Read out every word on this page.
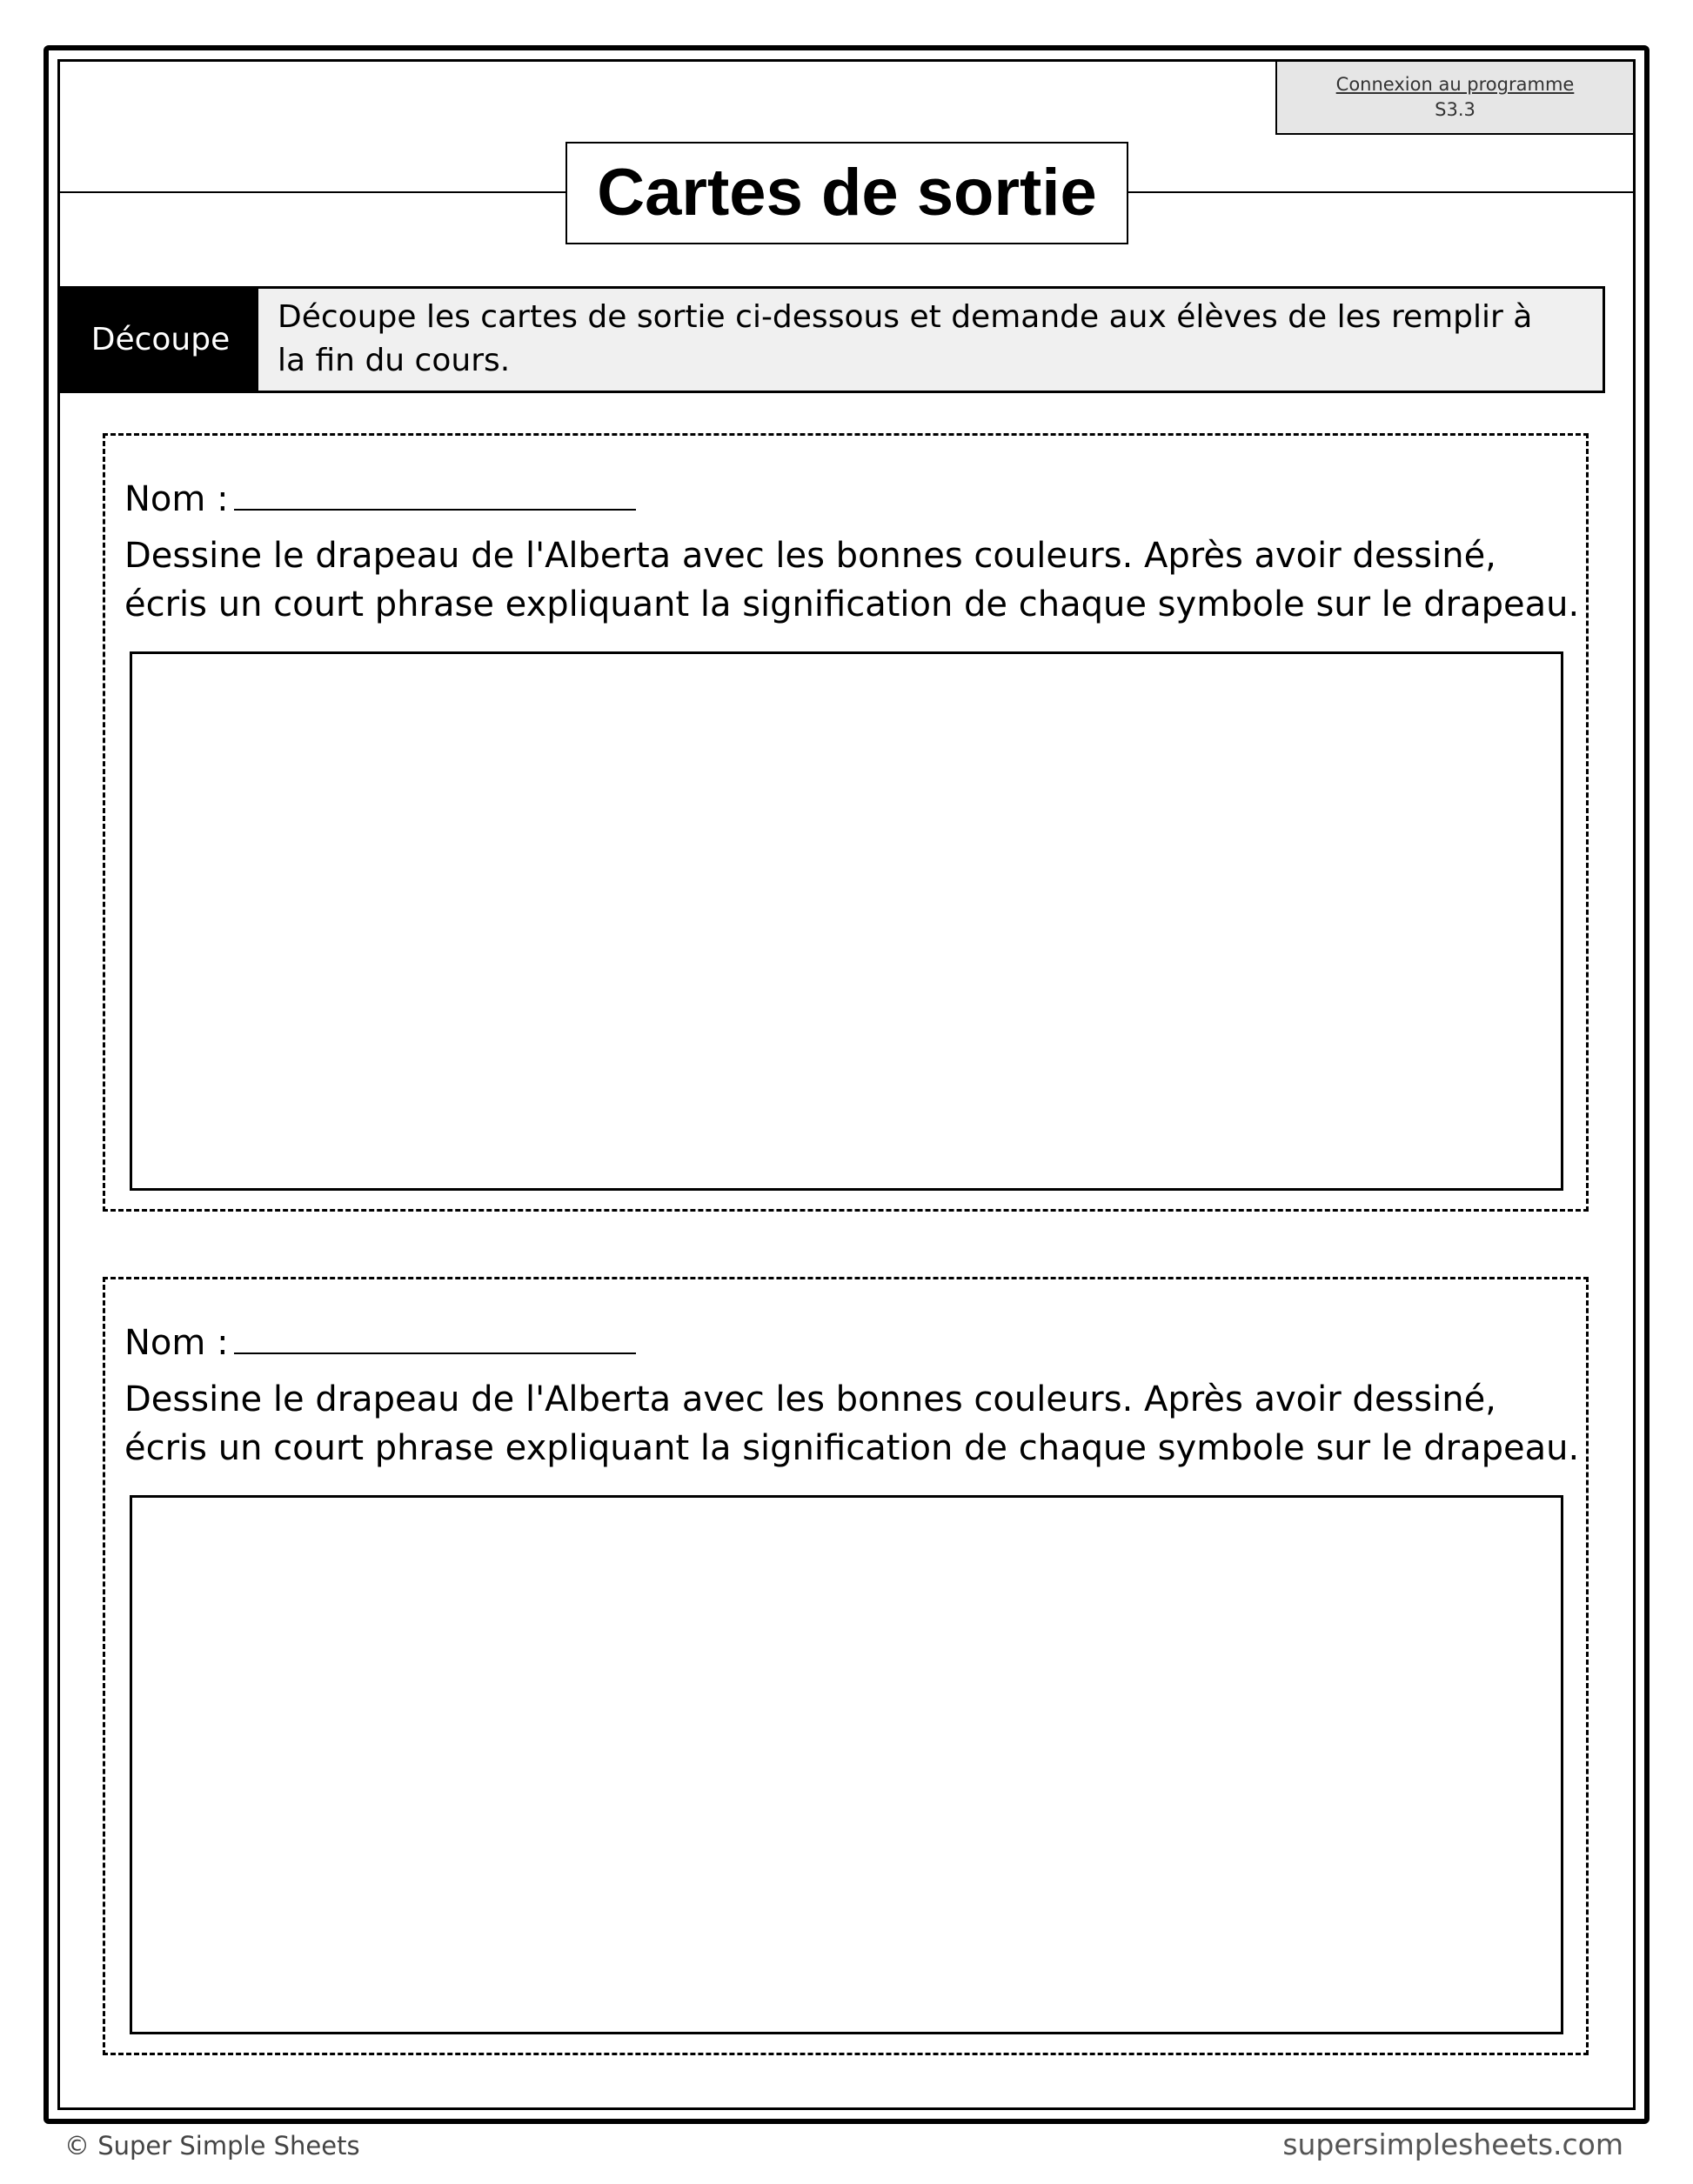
Connexion au programme
S3.3
Cartes de sortie
Découpe
Découpe les cartes de sortie ci-dessous et demande aux élèves de les remplir à
la fin du cours.
Nom :
Dessine le drapeau de l'Alberta avec les bonnes couleurs. Après avoir dessiné,
écris un court phrase expliquant la signification de chaque symbole sur le drapeau.
Nom :
Dessine le drapeau de l'Alberta avec les bonnes couleurs. Après avoir dessiné,
écris un court phrase expliquant la signification de chaque symbole sur le drapeau.
© Super Simple Sheets	supersimplesheets.com
